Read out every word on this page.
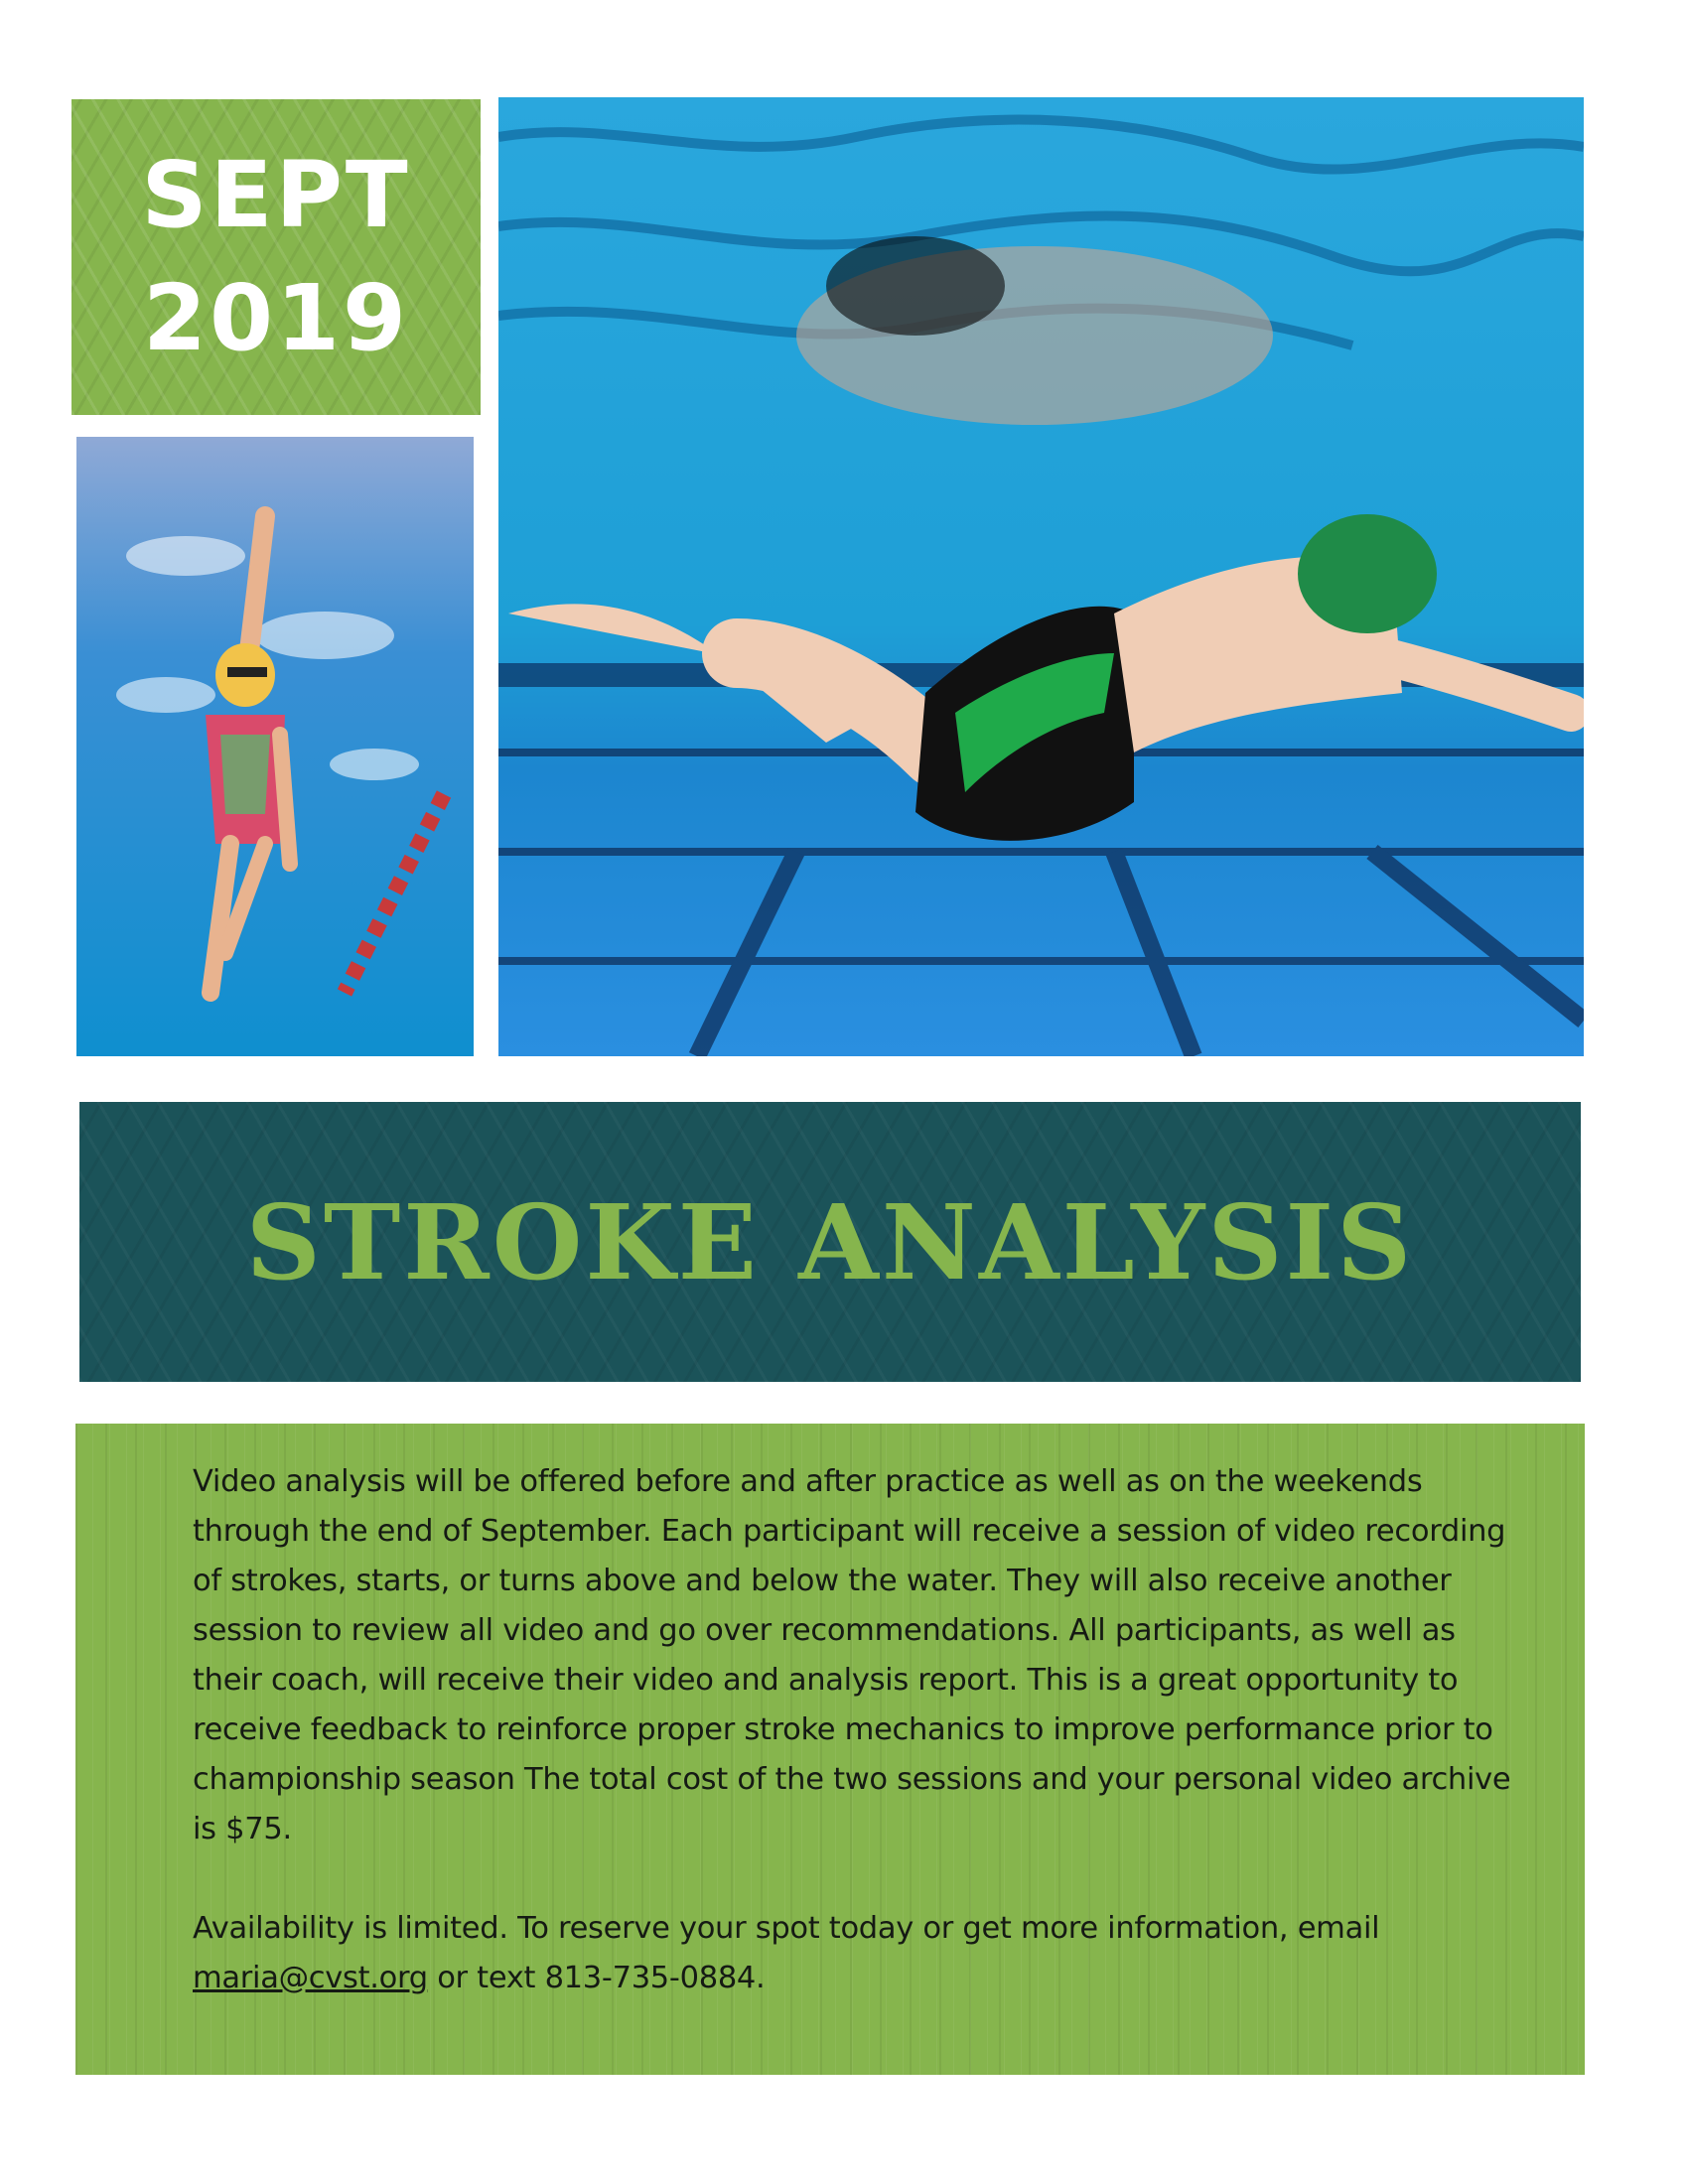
SEPT
2019
STROKE ANALYSIS

Video analysis will be offered before and after practice as well as on the weekends through the end of September. Each participant will receive a session of video recording of strokes, starts, or turns above and below the water. They will also receive another session to review all video and go over recommendations. All participants, as well as their coach, will receive their video and analysis report. This is a great opportunity to receive feedback to reinforce proper stroke mechanics to improve performance prior to championship season The total cost of the two sessions and your personal video archive is $75.

Availability is limited. To reserve your spot today or get more information, email maria@cvst.org or text 813-735-0884.
